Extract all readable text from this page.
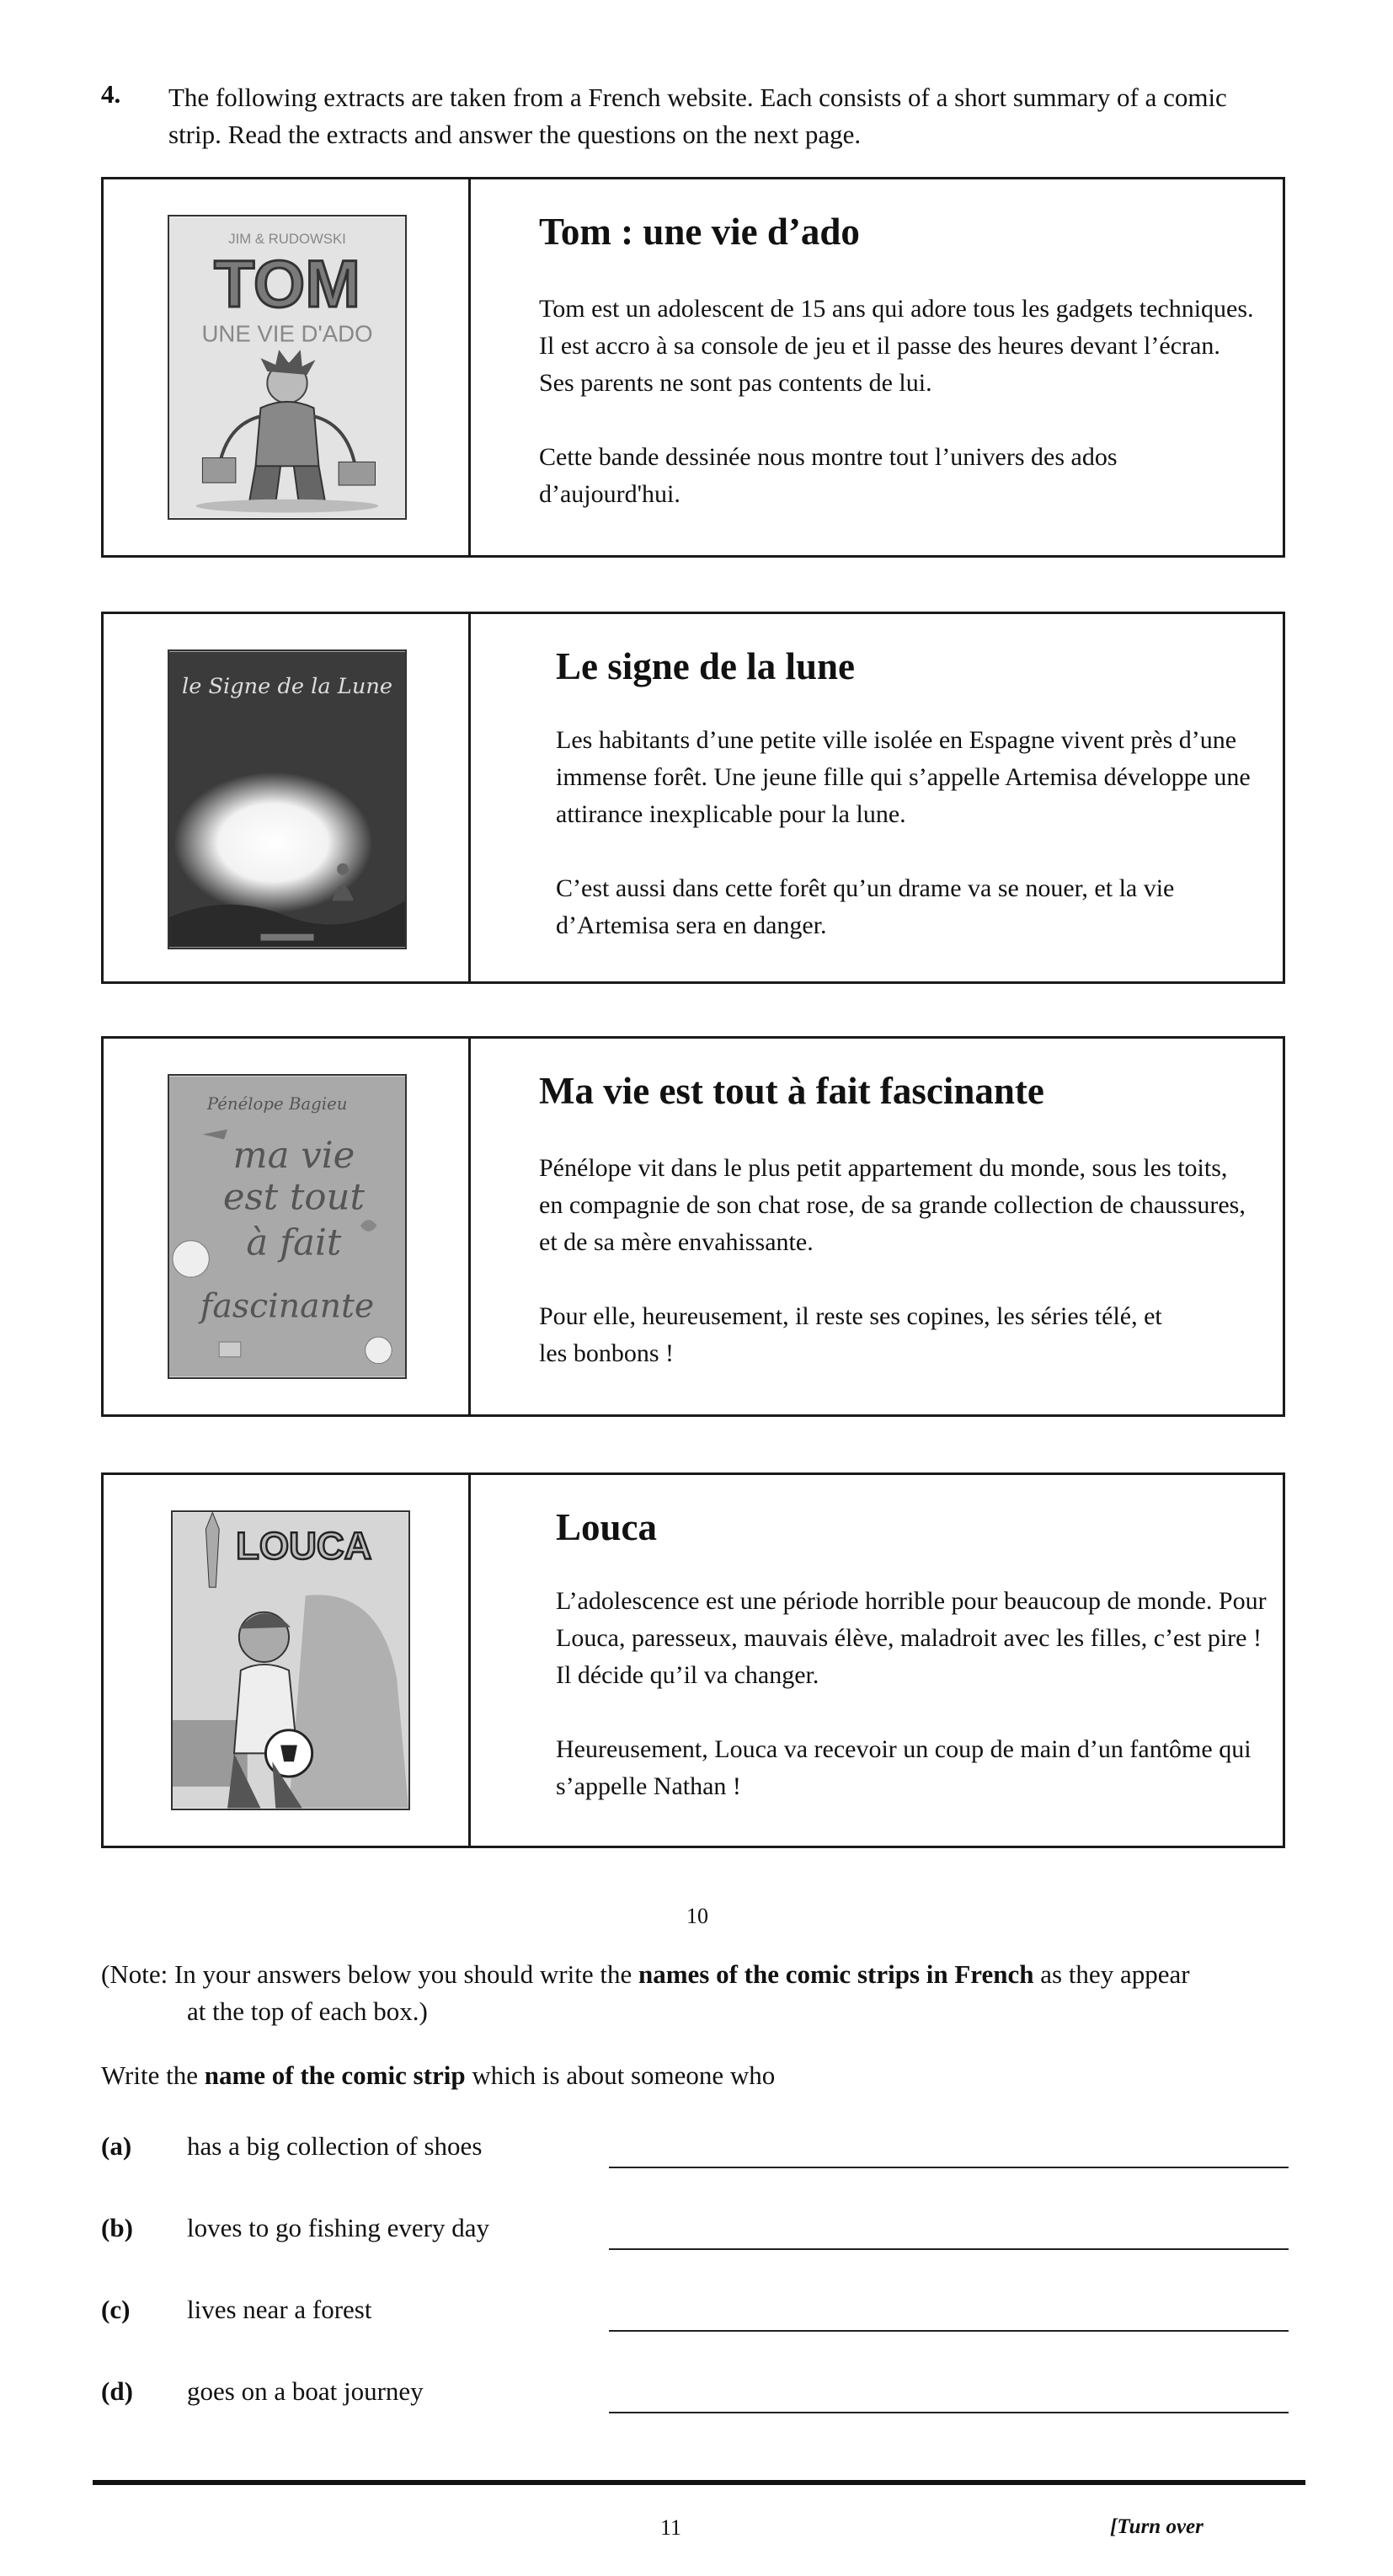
4. The following extracts are taken from a French website. Each consists of a short summary of a comic strip. Read the extracts and answer the questions on the next page.
JIM & RUDOWSKI
TOM
UNE VIE D'ADO
Tom : une vie d’ado
Tom est un adolescent de 15 ans qui adore tous les gadgets techniques. Il est accro à sa console de jeu et il passe des heures devant l’écran. Ses parents ne sont pas contents de lui.
Cette bande dessinée nous montre tout l’univers des ados d’aujourd'hui.
le Signe de la Lune	Le signe de la lune
Les habitants d’une petite ville isolée en Espagne vivent près d’une immense forêt. Une jeune fille qui s’appelle Artemisa développe une attirance inexplicable pour la lune.
C’est aussi dans cette forêt qu’un drame va se nouer, et la vie d’Artemisa sera en danger.
Pénélope Bagieu
ma vie
est tout
à fait
fascinante
Ma vie est tout à fait fascinante
Pénélope vit dans le plus petit appartement du monde, sous les toits, en compagnie de son chat rose, de sa grande collection de chaussures, et de sa mère envahissante.
Pour elle, heureusement, il reste ses copines, les séries télé, et les bonbons !
LOUCA	Louca
L’adolescence est une période horrible pour beaucoup de monde. Pour Louca, paresseux, mauvais élève, maladroit avec les filles, c’est pire ! Il décide qu’il va changer.
Heureusement, Louca va recevoir un coup de main d’un fantôme qui s’appelle Nathan !
10
(Note: In your answers below you should write the names of the comic strips in French as they appear
at the top of each box.)
Write the name of the comic strip which is about someone who
(a) has a big collection of shoes
(b) loves to go fishing every day
(c) lives near a forest
(d) goes on a boat journey
11	[Turn over
